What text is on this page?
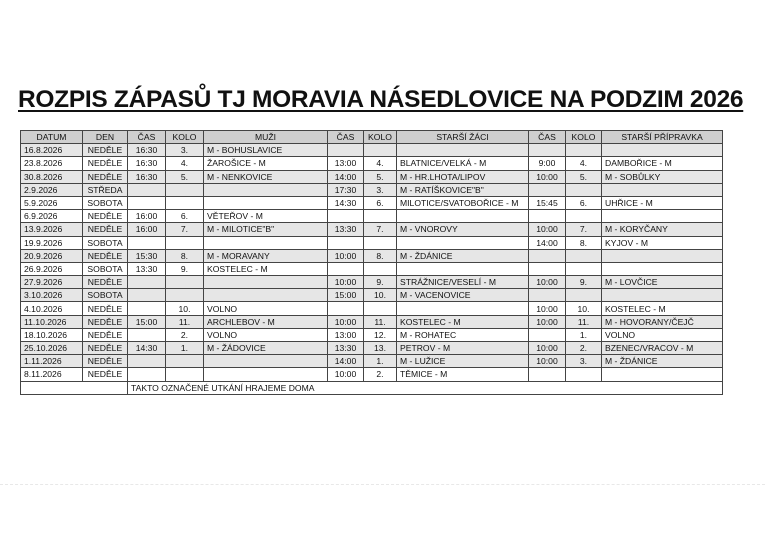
ROZPIS ZÁPASŮ TJ MORAVIA NÁSEDLOVICE NA PODZIM 2026
DATUM	DEN	ČAS	KOLO	MUŽI	ČAS	KOLO	STARŠÍ ŽÁCI	ČAS	KOLO	STARŠÍ PŘÍPRAVKA
16.8.2026	NEDĚLE	16:30	3.	M - BOHUSLAVICE						
23.8.2026	NEDĚLE	16:30	4.	ŽAROŠICE - M	13:00	4.	BLATNICE/VELKÁ - M	9:00	4.	DAMBOŘICE - M
30.8.2026	NEDĚLE	16:30	5.	M - NENKOVICE	14:00	5.	M - HR.LHOTA/LIPOV	10:00	5.	M - SOBŮLKY
2.9.2026	STŘEDA				17:30	3.	M - RATÍŠKOVICE"B"			
5.9.2026	SOBOTA				14:30	6.	MILOTICE/SVATOBOŘICE - M	15:45	6.	UHŘICE - M
6.9.2026	NEDĚLE	16:00	6.	VĚTEŘOV - M						
13.9.2026	NEDĚLE	16:00	7.	M - MILOTICE"B"	13:30	7.	M - VNOROVY	10:00	7.	M - KORYČANY
19.9.2026	SOBOTA							14:00	8.	KYJOV - M
20.9.2026	NEDĚLE	15:30	8.	M - MORAVANY	10:00	8.	M - ŽDÁNICE			
26.9.2026	SOBOTA	13:30	9.	KOSTELEC - M						
27.9.2026	NEDĚLE				10:00	9.	STRÁŽNICE/VESELÍ - M	10:00	9.	M - LOVČICE
3.10.2026	SOBOTA				15:00	10.	M - VACENOVICE			
4.10.2026	NEDĚLE		10.	VOLNO				10:00	10.	KOSTELEC - M
11.10.2026	NEDĚLE	15:00	11.	ARCHLEBOV - M	10:00	11.	KOSTELEC - M	10:00	11.	M - HOVORANY/ČEJČ
18.10.2026	NEDĚLE		2.	VOLNO	13:00	12.	M - ROHATEC		1.	VOLNO
25.10.2026	NEDĚLE	14:30	1.	M - ŽÁDOVICE	13:30	13.	PETROV - M	10:00	2.	BZENEC/VRACOV - M
1.11.2026	NEDĚLE				14:00	1.	M - LUŽICE	10:00	3.	M - ŽDÁNICE
8.11.2026	NEDĚLE				10:00	2.	TĚMICE - M			
		TAKTO OZNAČENÉ UTKÁNÍ HRAJEME DOMA								
